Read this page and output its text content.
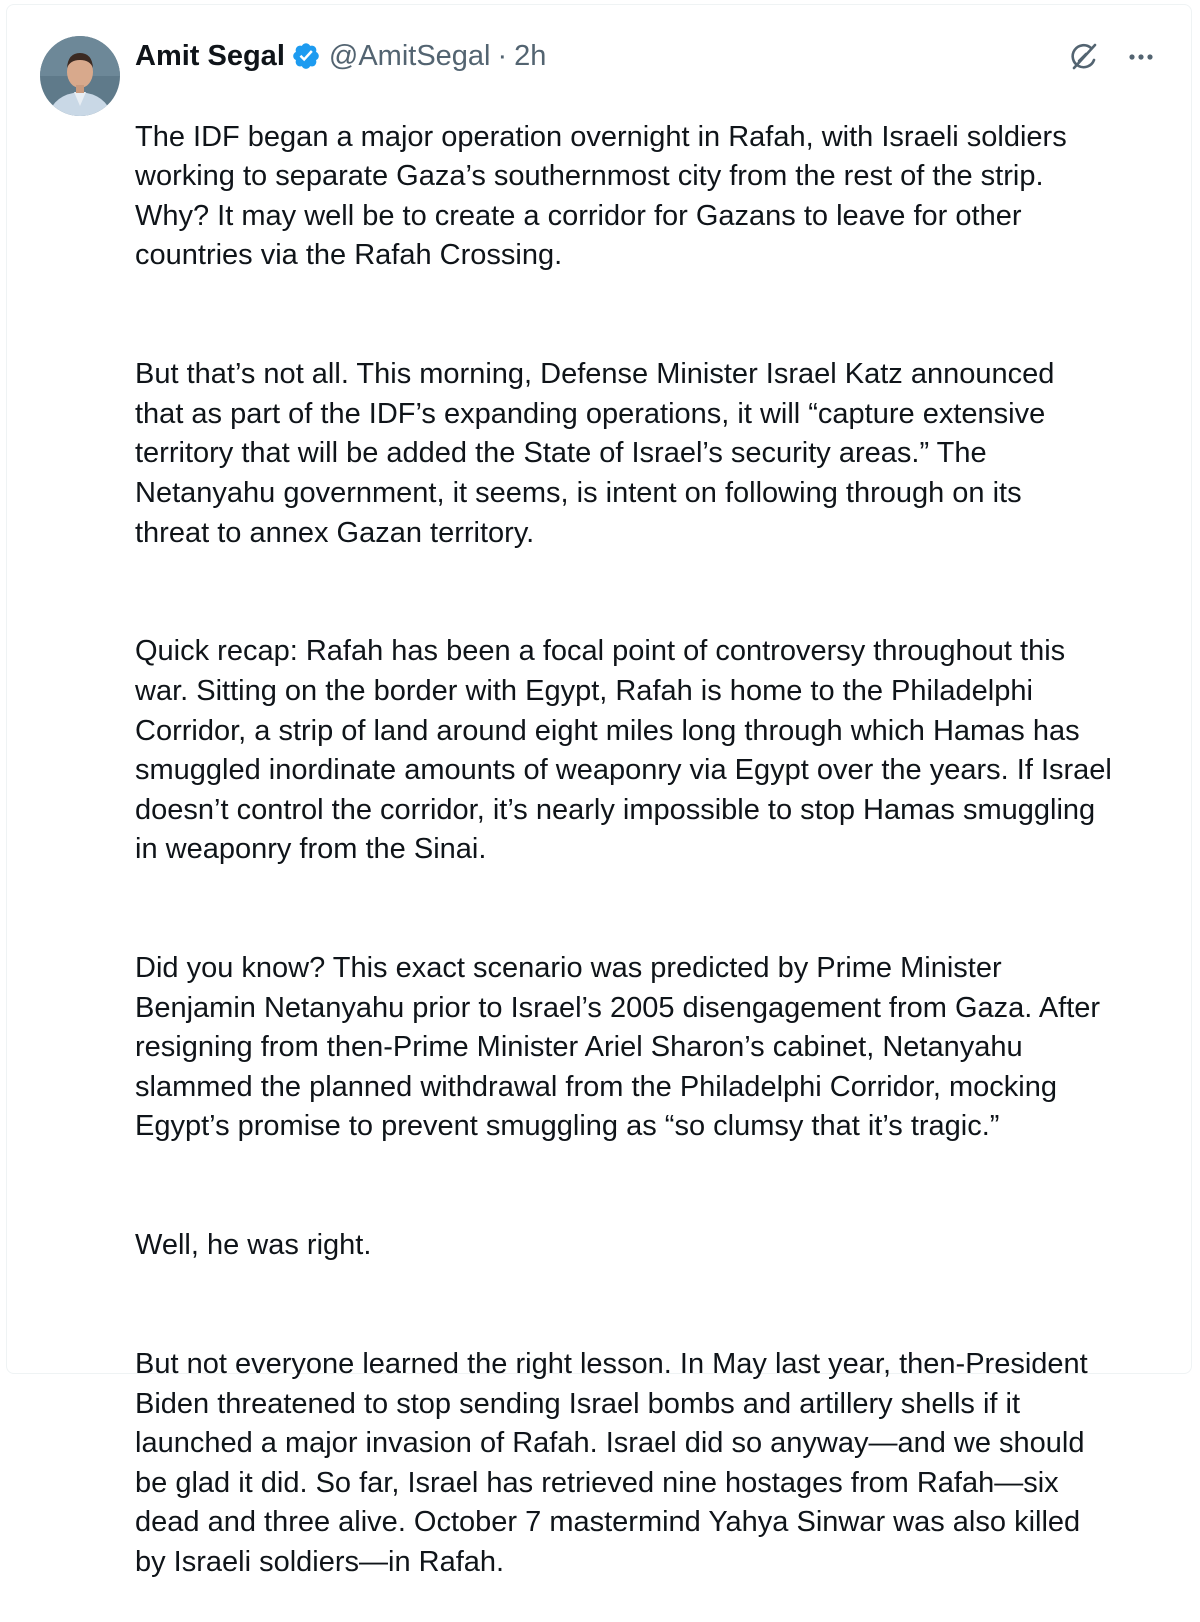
Amit Segal @AmitSegal · 2h

The IDF began a major operation overnight in Rafah, with Israeli soldiers
working to separate Gaza’s southernmost city from the rest of the strip.
Why? It may well be to create a corridor for Gazans to leave for other
countries via the Rafah Crossing.

But that’s not all. This morning, Defense Minister Israel Katz announced
that as part of the IDF’s expanding operations, it will “capture extensive
territory that will be added the State of Israel’s security areas.” The
Netanyahu government, it seems, is intent on following through on its
threat to annex Gazan territory.

Quick recap: Rafah has been a focal point of controversy throughout this
war. Sitting on the border with Egypt, Rafah is home to the Philadelphi
Corridor, a strip of land around eight miles long through which Hamas has
smuggled inordinate amounts of weaponry via Egypt over the years. If Israel
doesn’t control the corridor, it’s nearly impossible to stop Hamas smuggling
in weaponry from the Sinai.

Did you know? This exact scenario was predicted by Prime Minister
Benjamin Netanyahu prior to Israel’s 2005 disengagement from Gaza. After
resigning from then-Prime Minister Ariel Sharon’s cabinet, Netanyahu
slammed the planned withdrawal from the Philadelphi Corridor, mocking
Egypt’s promise to prevent smuggling as “so clumsy that it’s tragic.”

Well, he was right.

But not everyone learned the right lesson. In May last year, then-President
Biden threatened to stop sending Israel bombs and artillery shells if it
launched a major invasion of Rafah. Israel did so anyway—and we should
be glad it did. So far, Israel has retrieved nine hostages from Rafah—six
dead and three alive. October 7 mastermind Yahya Sinwar was also killed
by Israeli soldiers—in Rafah.
